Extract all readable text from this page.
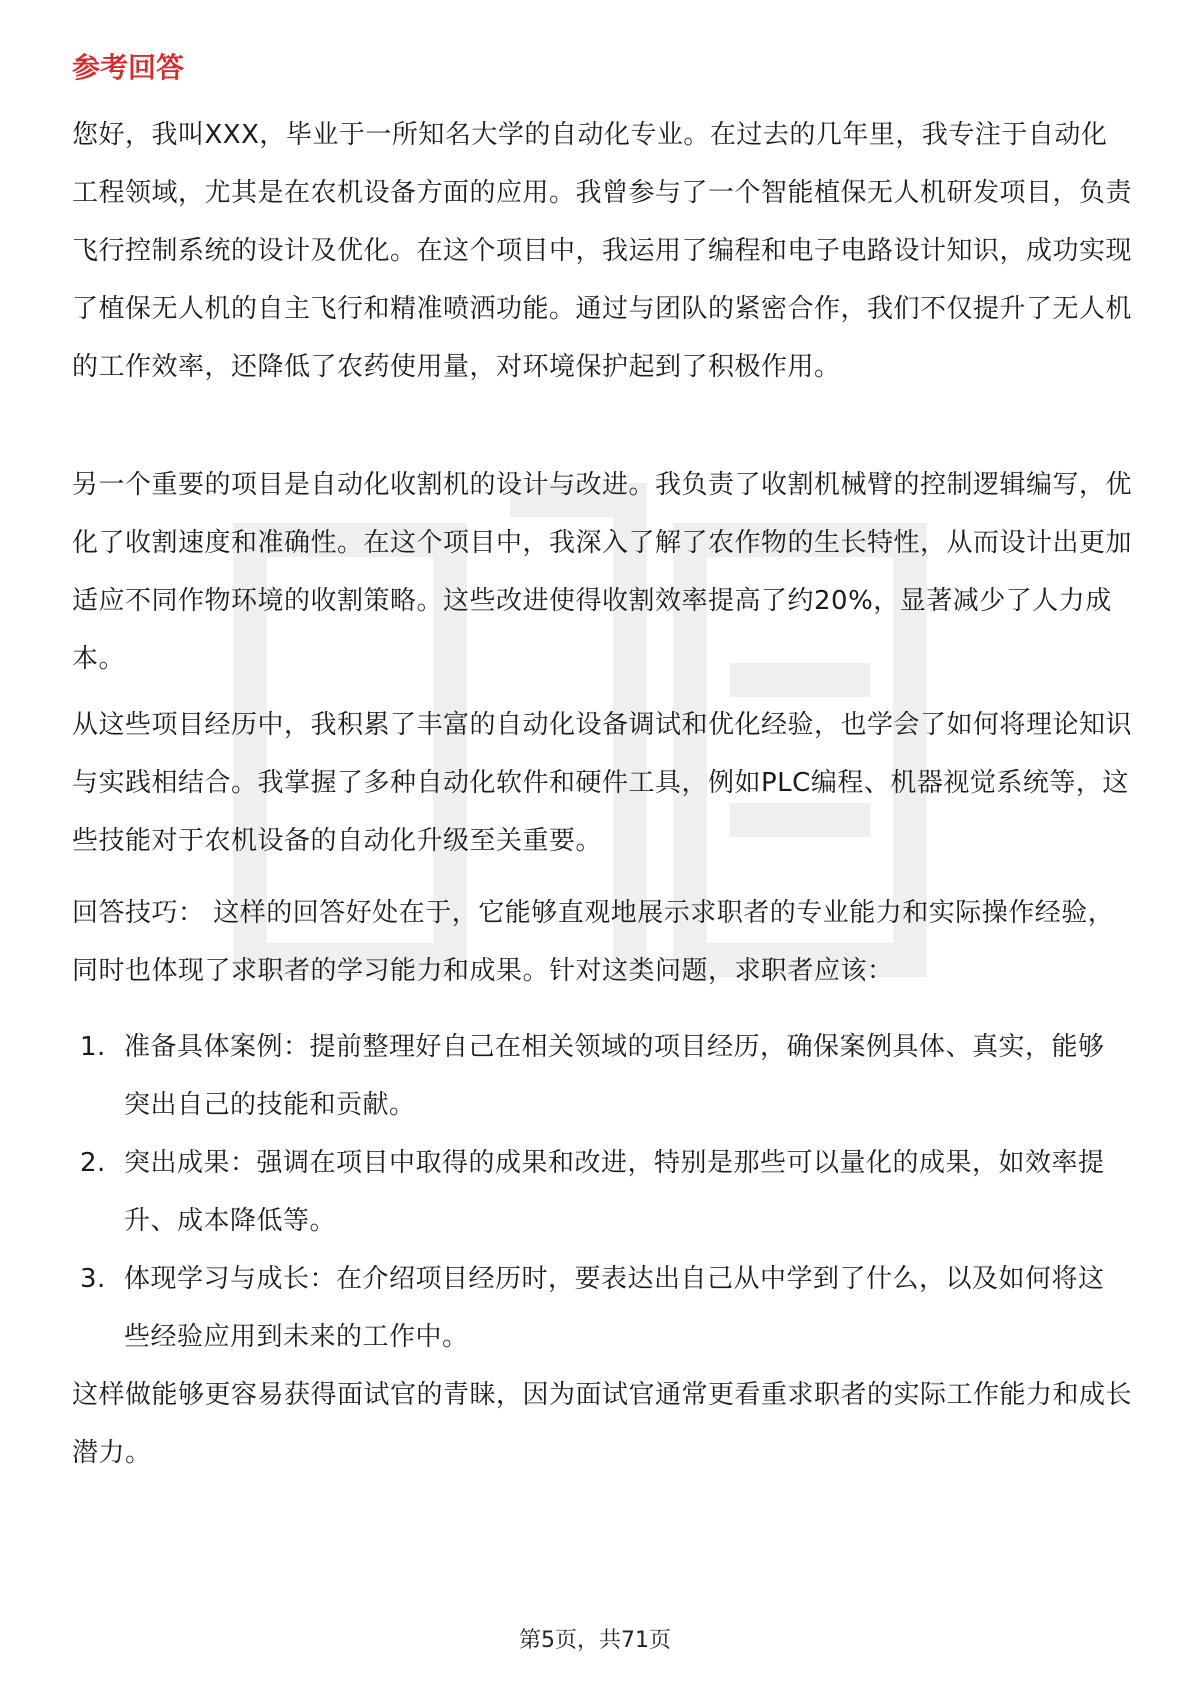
参考回答

您好，我叫XXX，毕业于一所知名大学的自动化专业。在过去的几年里，我专注于自动化工程领域，尤其是在农机设备方面的应用。我曾参与了一个智能植保无人机研发项目，负责飞行控制系统的设计及优化。在这个项目中，我运用了编程和电子电路设计知识，成功实现了植保无人机的自主飞行和精准喷洒功能。通过与团队的紧密合作，我们不仅提升了无人机的工作效率，还降低了农药使用量，对环境保护起到了积极作用。

另一个重要的项目是自动化收割机的设计与改进。我负责了收割机械臂的控制逻辑编写，优化了收割速度和准确性。在这个项目中，我深入了解了农作物的生长特性，从而设计出更加适应不同作物环境的收割策略。这些改进使得收割效率提高了约20%，显著减少了人力成本。

从这些项目经历中，我积累了丰富的自动化设备调试和优化经验，也学会了如何将理论知识与实践相结合。我掌握了多种自动化软件和硬件工具，例如PLC编程、机器视觉系统等，这些技能对于农机设备的自动化升级至关重要。

回答技巧： 这样的回答好处在于，它能够直观地展示求职者的专业能力和实际操作经验，同时也体现了求职者的学习能力和成果。针对这类问题，求职者应该：

1. 准备具体案例：提前整理好自己在相关领域的项目经历，确保案例具体、真实，能够突出自己的技能和贡献。
2. 突出成果：强调在项目中取得的成果和改进，特别是那些可以量化的成果，如效率提升、成本降低等。
3. 体现学习与成长：在介绍项目经历时，要表达出自己从中学到了什么，以及如何将这些经验应用到未来的工作中。

这样做能够更容易获得面试官的青睐，因为面试官通常更看重求职者的实际工作能力和成长潜力。

第5页，共71页
